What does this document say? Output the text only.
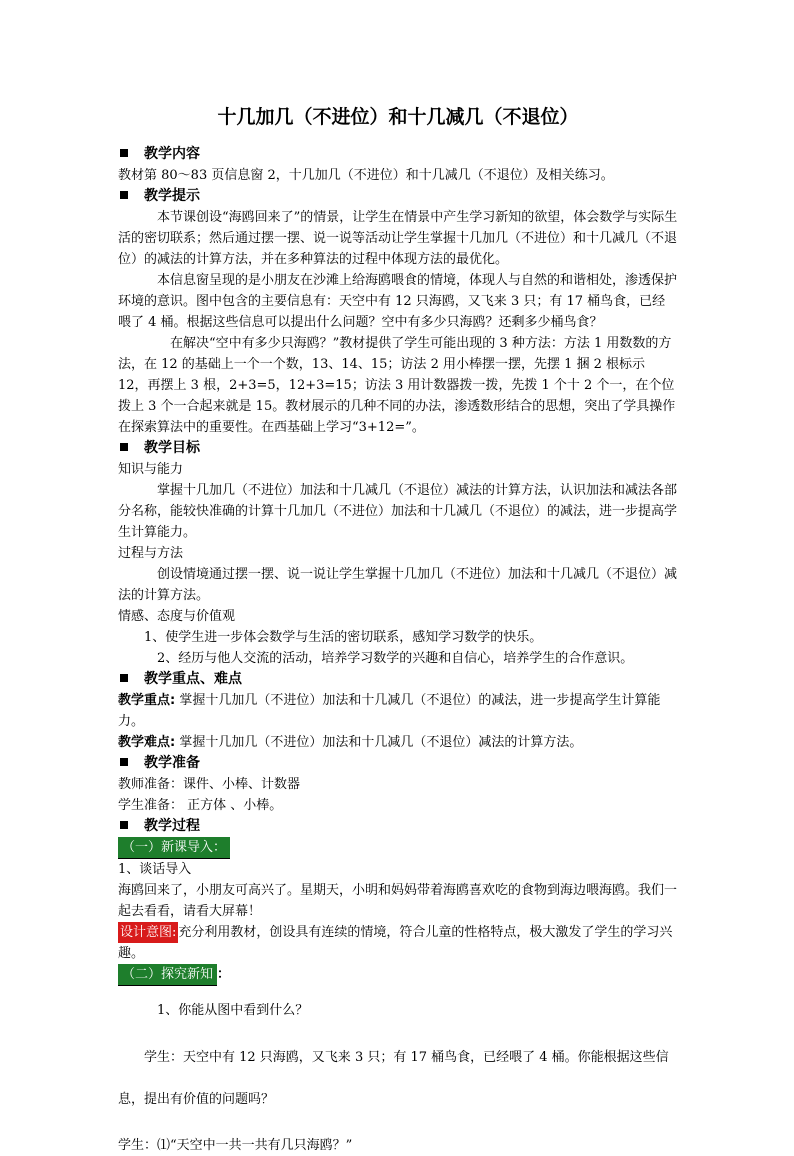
十几加几（不进位）和十几减几（不退位）
教学内容

教材第 80～83 页信息窗 2，十几加几（不进位）和十几减几（不退位）及相关练习。

教学提示

本节课创设“海鸥回来了”的情景，让学生在情景中产生学习新知的欲望，体会数学与实际生活的密切联系；然后通过摆一摆、说一说等活动让学生掌握十几加几（不进位）和十几减几（不退位）的减法的计算方法，并在多种算法的过程中体现方法的最优化。

本信息窗呈现的是小朋友在沙滩上给海鸥喂食的情境，体现人与自然的和谐相处，渗透保护环境的意识。图中包含的主要信息有：天空中有 12 只海鸥，又飞来 3 只；有 17 桶鸟食，已经喂了 4 桶。根据这些信息可以提出什么问题？空中有多少只海鸥？还剩多少桶鸟食？

在解决“空中有多少只海鸥？”教材提供了学生可能出现的 3 种方法：方法 1 用数数的方法，在 12 的基础上一个一个数，13、14、15；访法 2 用小棒摆一摆，先摆 1 捆 2 根标示 12，再摆上 3 根，2+3=5，12+3=15；访法 3 用计数器拨一拨，先拨 1 个十 2 个一，在个位拨上 3 个一合起来就是 15。教材展示的几种不同的办法，渗透数形结合的思想，突出了学具操作在探索算法中的重要性。在西基础上学习“3+12=”。

教学目标

知识与能力

掌握十几加几（不进位）加法和十几减几（不退位）减法的计算方法，认识加法和减法各部分名称，能较快准确的计算十几加几（不进位）加法和十几减几（不退位）的减法，进一步提高学生计算能力。

过程与方法

创设情境通过摆一摆、说一说让学生掌握十几加几（不进位）加法和十几减几（不退位）减法的计算方法。

情感、态度与价值观

1、使学生进一步体会数学与生活的密切联系，感知学习数学的快乐。

2、经历与他人交流的活动，培养学习数学的兴趣和自信心，培养学生的合作意识。

教学重点、难点

教学重点: 掌握十几加几（不进位）加法和十几减几（不退位）的减法，进一步提高学生计算能力。

教学难点: 掌握十几加几（不进位）加法和十几减几（不退位）减法的计算方法。

教学准备

教师准备：课件、小棒、计数器

学生准备： 正方体 、小棒。

教学过程

（一）新课导入：

1、谈话导入

海鸥回来了，小朋友可高兴了。星期天，小明和妈妈带着海鸥喜欢吃的食物到海边喂海鸥。我们一起去看看，请看大屏幕！

设计意图: 充分利用教材，创设具有连续的情境，符合儿童的性格特点，极大激发了学生的学习兴趣。

（二）探究新知 ：

1、你能从图中看到什么？

学生：天空中有 12 只海鸥，又飞来 3 只；有 17 桶鸟食，已经喂了 4 桶。你能根据这些信息，提出有价值的问题吗？

学生：⑴“天空中一共一共有几只海鸥？”
